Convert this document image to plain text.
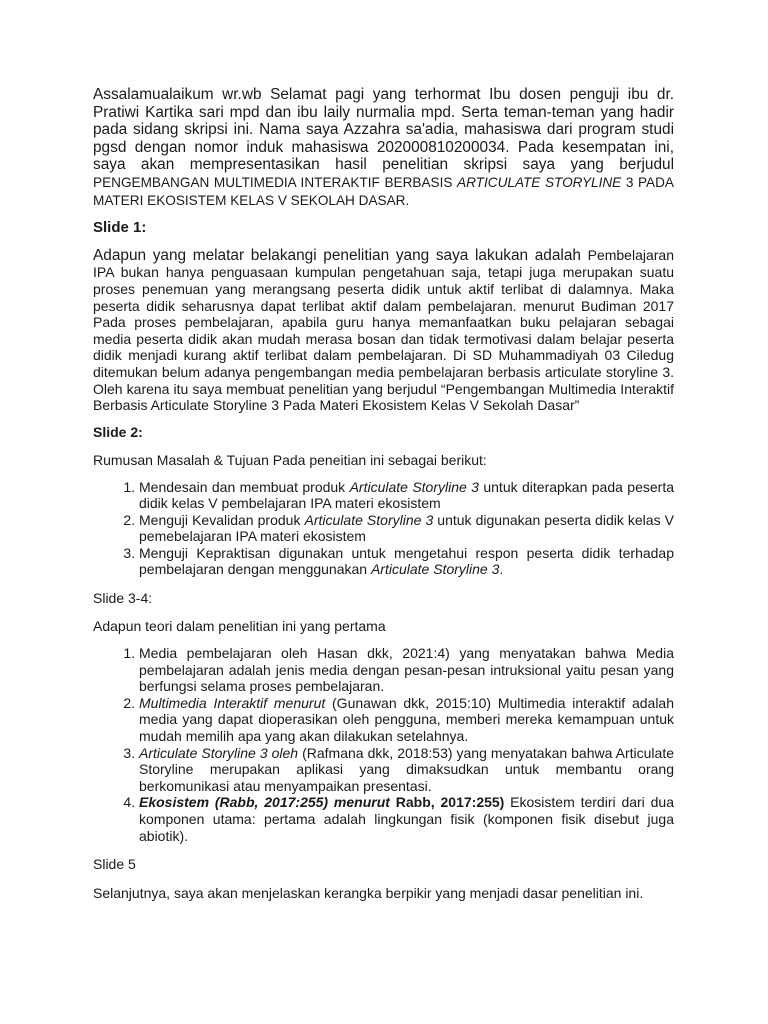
Assalamualaikum wr.wb Selamat pagi yang terhormat Ibu dosen penguji ibu dr. Pratiwi Kartika sari mpd dan ibu laily nurmalia mpd. Serta teman-teman yang hadir pada sidang skripsi ini. Nama saya Azzahra sa'adia, mahasiswa dari program studi pgsd dengan nomor induk mahasiswa 202000810200034. Pada kesempatan ini, saya akan mempresentasikan hasil penelitian skripsi saya yang berjudul PENGEMBANGAN MULTIMEDIA INTERAKTIF BERBASIS ARTICULATE STORYLINE 3 PADA MATERI EKOSISTEM KELAS V SEKOLAH DASAR.

Slide 1:

Adapun yang melatar belakangi penelitian yang saya lakukan adalah Pembelajaran IPA bukan hanya penguasaan kumpulan pengetahuan saja, tetapi juga merupakan suatu proses penemuan yang merangsang peserta didik untuk aktif terlibat di dalamnya. Maka peserta didik seharusnya dapat terlibat aktif dalam pembelajaran. menurut Budiman 2017 Pada proses pembelajaran, apabila guru hanya memanfaatkan buku pelajaran sebagai media peserta didik akan mudah merasa bosan dan tidak termotivasi dalam belajar peserta didik menjadi kurang aktif terlibat dalam pembelajaran. Di SD Muhammadiyah 03 Ciledug ditemukan belum adanya pengembangan media pembelajaran berbasis articulate storyline 3. Oleh karena itu saya membuat penelitian yang berjudul “Pengembangan Multimedia Interaktif Berbasis Articulate Storyline 3 Pada Materi Ekosistem Kelas V Sekolah Dasar”

Slide 2:

Rumusan Masalah & Tujuan Pada peneitian ini sebagai berikut:

1. Mendesain dan membuat produk Articulate Storyline 3 untuk diterapkan pada peserta didik kelas V pembelajaran IPA materi ekosistem
2. Menguji Kevalidan produk Articulate Storyline 3 untuk digunakan peserta didik kelas V pemebelajaran IPA materi ekosistem
3. Menguji Kepraktisan digunakan untuk mengetahui respon peserta didik terhadap pembelajaran dengan menggunakan Articulate Storyline 3.

Slide 3-4:

Adapun teori dalam penelitian ini yang pertama

1. Media pembelajaran oleh Hasan dkk, 2021:4) yang menyatakan bahwa Media pembelajaran adalah jenis media dengan pesan-pesan intruksional yaitu pesan yang berfungsi selama proses pembelajaran.
2. Multimedia Interaktif menurut (Gunawan dkk, 2015:10) Multimedia interaktif adalah media yang dapat dioperasikan oleh pengguna, memberi mereka kemampuan untuk mudah memilih apa yang akan dilakukan setelahnya.
3. Articulate Storyline 3 oleh (Rafmana dkk, 2018:53) yang menyatakan bahwa Articulate Storyline merupakan aplikasi yang dimaksudkan untuk membantu orang berkomunikasi atau menyampaikan presentasi.
4. Ekosistem (Rabb, 2017:255) menurut Rabb, 2017:255) Ekosistem terdiri dari dua komponen utama: pertama adalah lingkungan fisik (komponen fisik disebut juga abiotik).

Slide 5

Selanjutnya, saya akan menjelaskan kerangka berpikir yang menjadi dasar penelitian ini.
